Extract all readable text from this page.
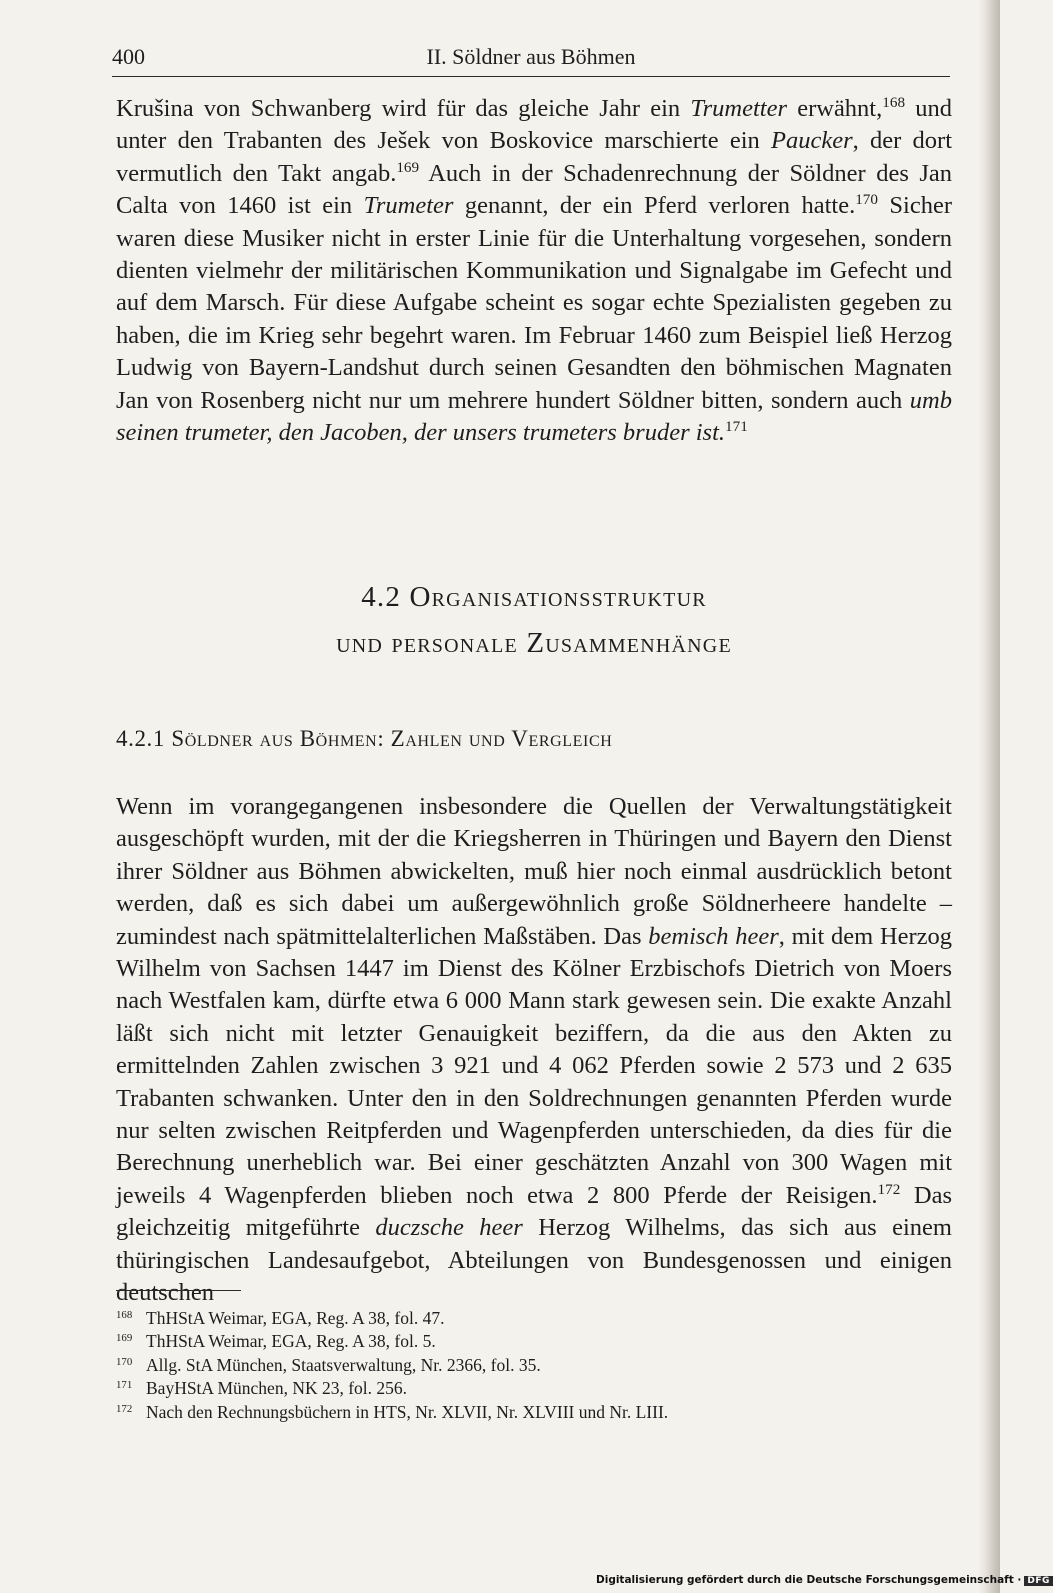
400	II. Söldner aus Böhmen

Krušina von Schwanberg wird für das gleiche Jahr ein Trumetter erwähnt,$^{168}$ und unter den Trabanten des Ješek von Boskovice marschierte ein Paucker, der dort vermutlich den Takt angab.$^{169}$ Auch in der Schadenrechnung der Söldner des Jan Calta von 1460 ist ein Trumeter genannt, der ein Pferd verloren hatte.$^{170}$ Sicher waren diese Musiker nicht in erster Linie für die Unterhaltung vorgesehen, sondern dienten vielmehr der militärischen Kommunikation und Signalgabe im Gefecht und auf dem Marsch. Für diese Aufgabe scheint es sogar echte Spezialisten gegeben zu haben, die im Krieg sehr begehrt waren. Im Februar 1460 zum Beispiel ließ Herzog Ludwig von Bayern-Landshut durch seinen Gesandten den böhmischen Magnaten Jan von Rosenberg nicht nur um mehrere hundert Söldner bitten, sondern auch umb seinen trumeter, den Jacoben, der unsers trumeters bruder ist.$^{171}$

4.2 Organisationsstruktur
und personale Zusammenhänge
4.2.1 Söldner aus Böhmen: Zahlen und Vergleich

Wenn im vorangegangenen insbesondere die Quellen der Verwaltungstätigkeit ausgeschöpft wurden, mit der die Kriegsherren in Thüringen und Bayern den Dienst ihrer Söldner aus Böhmen abwickelten, muß hier noch einmal ausdrücklich betont werden, daß es sich dabei um außergewöhnlich große Söldnerheere handelte – zumindest nach spätmittelalterlichen Maßstäben. Das bemisch heer, mit dem Herzog Wilhelm von Sachsen 1447 im Dienst des Kölner Erzbischofs Dietrich von Moers nach Westfalen kam, dürfte etwa 6 000 Mann stark gewesen sein. Die exakte Anzahl läßt sich nicht mit letzter Genauigkeit beziffern, da die aus den Akten zu ermittelnden Zahlen zwischen 3 921 und 4 062 Pferden sowie 2 573 und 2 635 Trabanten schwanken. Unter den in den Soldrechnungen genannten Pferden wurde nur selten zwischen Reitpferden und Wagenpferden unterschieden, da dies für die Berechnung unerheblich war. Bei einer geschätzten Anzahl von 300 Wagen mit jeweils 4 Wagenpferden blieben noch etwa 2 800 Pferde der Reisigen.$^{172}$ Das gleichzeitig mitgeführte duczsche heer Herzog Wilhelms, das sich aus einem thüringischen Landesaufgebot, Abteilungen von Bundesgenossen und einigen deutschen

$^{168}$ ThHStA Weimar, EGA, Reg. A 38, fol. 47.
$^{169}$ ThHStA Weimar, EGA, Reg. A 38, fol. 5.
$^{170}$ Allg. StA München, Staatsverwaltung, Nr. 2366, fol. 35.
$^{171}$ BayHStA München, NK 23, fol. 256.
$^{172}$ Nach den Rechnungsbüchern in HTS, Nr. XLVII, Nr. XLVIII und Nr. LIII.
Digitalisierung gefördert durch die Deutsche Forschungsgemeinschaft · DFG
